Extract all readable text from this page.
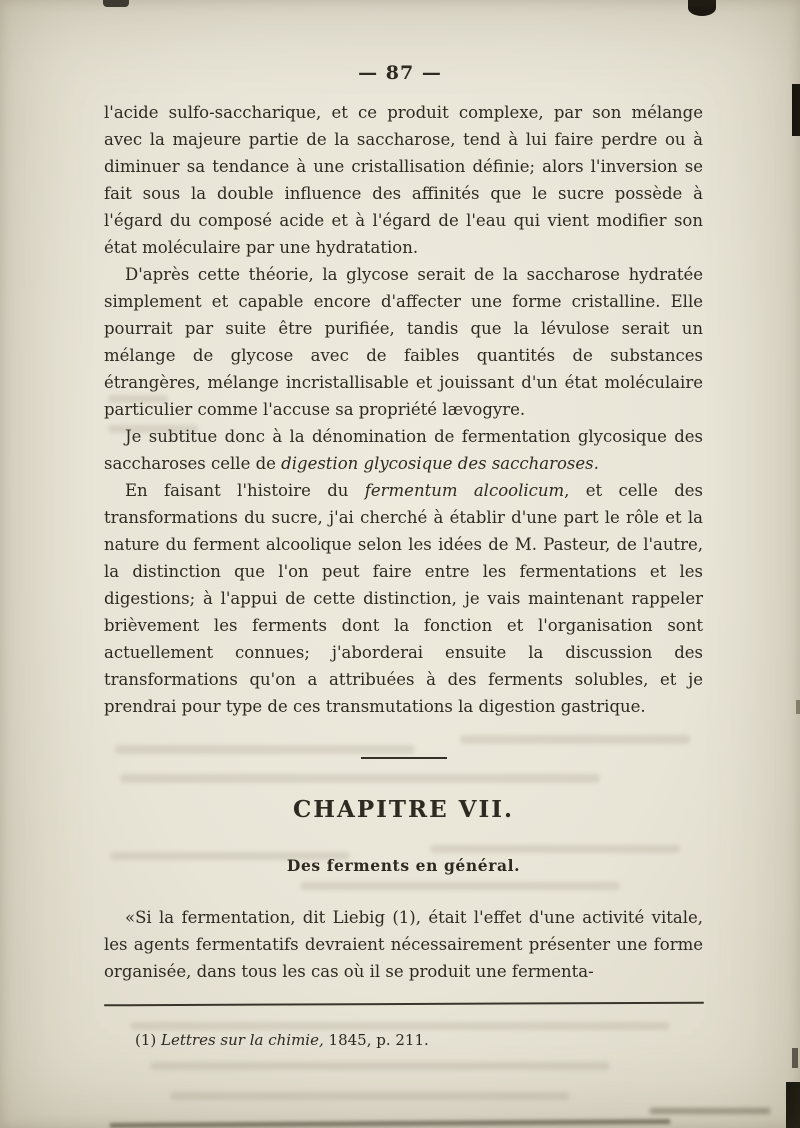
— 87 —

l'acide sulfo-saccharique, et ce produit complexe, par son mélange avec la majeure partie de la saccharose, tend à lui faire perdre ou à diminuer sa tendance à une cristallisation définie; alors l'inversion se fait sous la double influence des affinités que le sucre possède à l'égard du composé acide et à l'égard de l'eau qui vient modifier son état moléculaire par une hydratation.

D'après cette théorie, la glycose serait de la saccharose hydratée simplement et capable encore d'affecter une forme cristalline. Elle pourrait par suite être purifiée, tandis que la lévulose serait un mélange de glycose avec de faibles quantités de substances étrangères, mélange incristallisable et jouissant d'un état moléculaire particulier comme l'accuse sa propriété lævogyre.

Je subtitue donc à la dénomination de fermentation glycosique des saccharoses celle de digestion glycosique des saccharoses.

En faisant l'histoire du fermentum alcoolicum, et celle des transformations du sucre, j'ai cherché à établir d'une part le rôle et la nature du ferment alcoolique selon les idées de M. Pasteur, de l'autre, la distinction que l'on peut faire entre les fermentations et les digestions; à l'appui de cette distinction, je vais maintenant rappeler brièvement les ferments dont la fonction et l'organisation sont actuellement connues; j'aborderai ensuite la discussion des transformations qu'on a attribuées à des ferments solubles, et je prendrai pour type de ces transmutations la digestion gastrique.

CHAPITRE VII.
Des ferments en général.

«Si la fermentation, dit Liebig (1), était l'effet d'une activité vitale, les agents fermentatifs devraient nécessairement présenter une forme organisée, dans tous les cas où il se produit une fermenta-

(1) Lettres sur la chimie, 1845, p. 211.
